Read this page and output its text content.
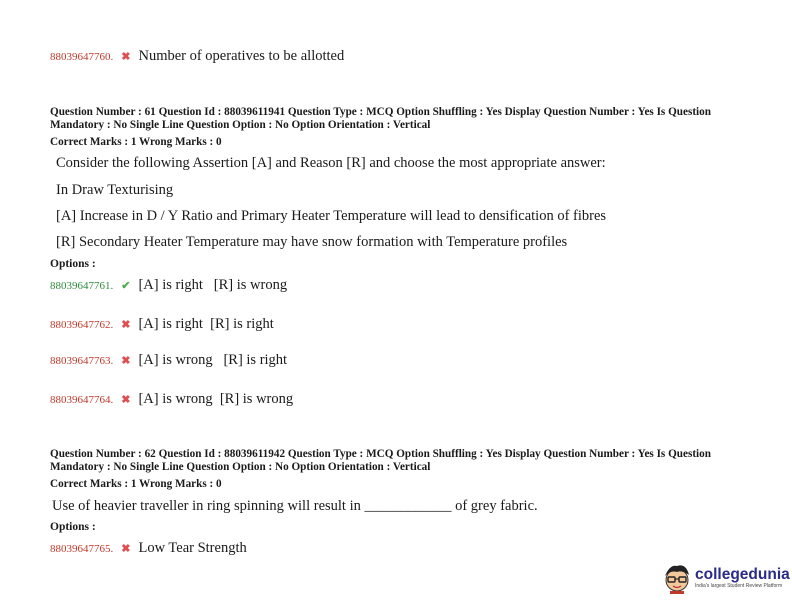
88039647760. ✖ Number of operatives to be allotted
Question Number : 61 Question Id : 88039611941 Question Type : MCQ Option Shuffling : Yes Display Question Number : Yes Is Question Mandatory : No Single Line Question Option : No Option Orientation : Vertical
Correct Marks : 1 Wrong Marks : 0
Consider the following Assertion [A] and Reason [R] and choose the most appropriate answer:
In Draw Texturising
[A] Increase in D / Y Ratio and Primary Heater Temperature will lead to densification of fibres
[R] Secondary Heater Temperature may have snow formation with Temperature profiles
Options :
88039647761. ✔ [A] is right   [R] is wrong
88039647762. ✖ [A] is right  [R] is right
88039647763. ✖ [A] is wrong   [R] is right
88039647764. ✖ [A] is wrong  [R] is wrong
Question Number : 62 Question Id : 88039611942 Question Type : MCQ Option Shuffling : Yes Display Question Number : Yes Is Question Mandatory : No Single Line Question Option : No Option Orientation : Vertical
Correct Marks : 1 Wrong Marks : 0
Use of heavier traveller in ring spinning will result in ____________ of grey fabric.
Options :
88039647765. ✖ Low Tear Strength
collegedunia
India's largest Student Review Platform
